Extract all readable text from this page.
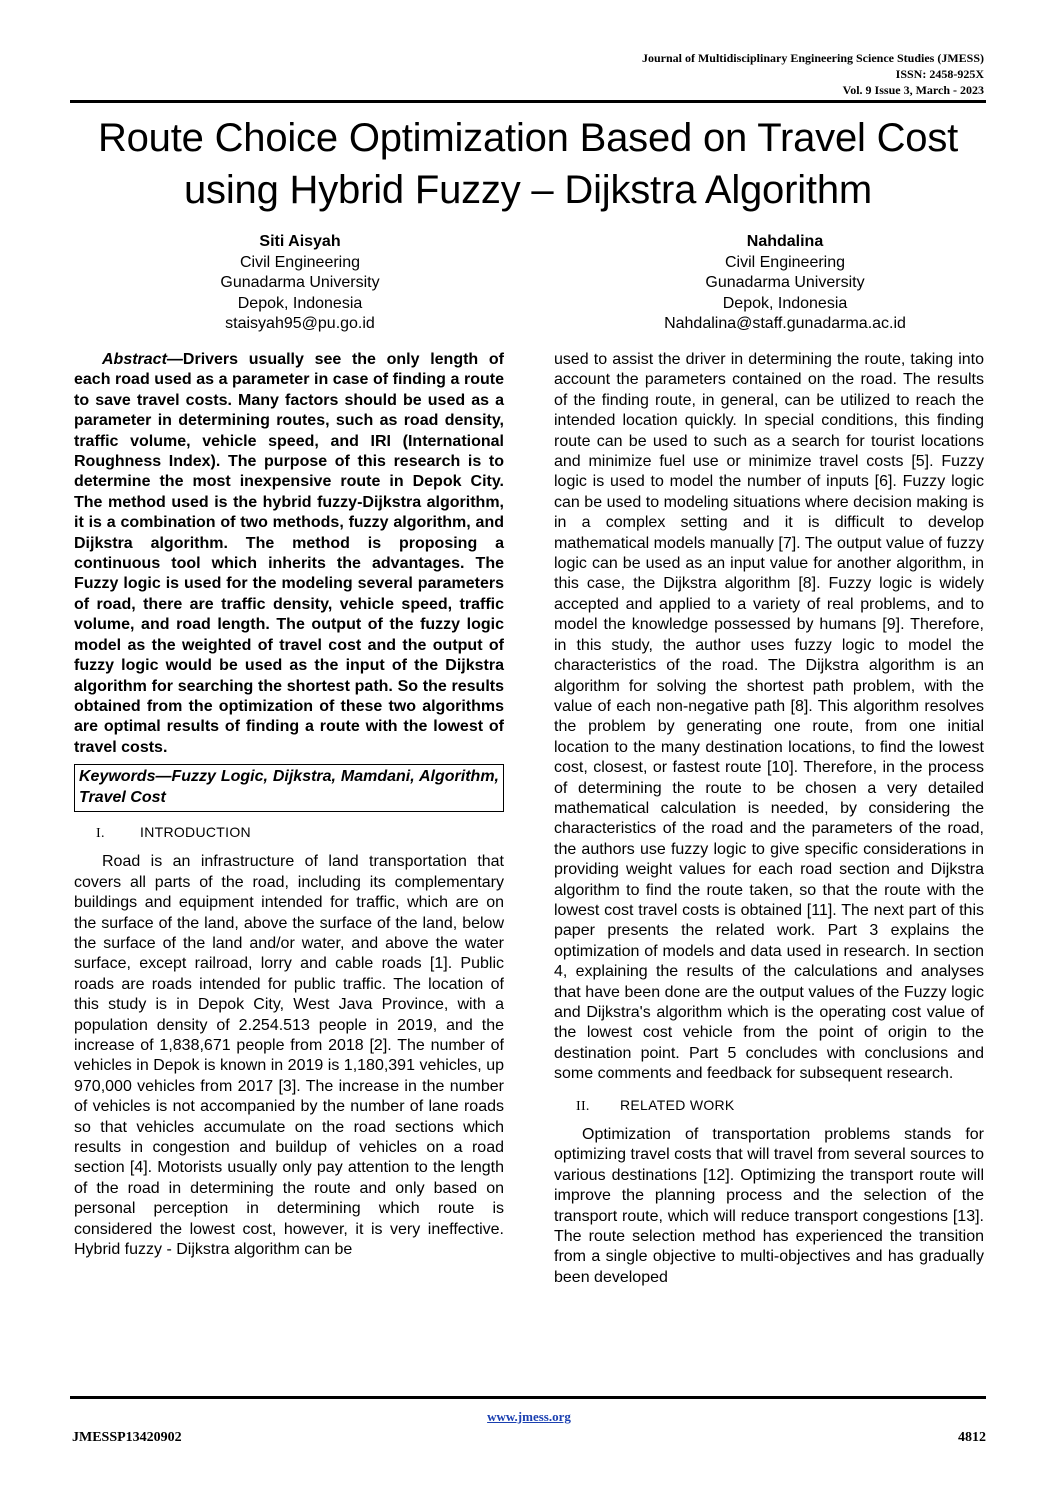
Journal of Multidisciplinary Engineering Science Studies (JMESS)
ISSN: 2458-925X
Vol. 9 Issue 3, March - 2023
Route Choice Optimization Based on Travel Cost using Hybrid Fuzzy – Dijkstra Algorithm
Siti Aisyah
Civil Engineering
Gunadarma University
Depok, Indonesia
staisyah95@pu.go.id
Nahdalina
Civil Engineering
Gunadarma University
Depok, Indonesia
Nahdalina@staff.gunadarma.ac.id

Abstract—Drivers usually see the only length of each road used as a parameter in case of finding a route to save travel costs. Many factors should be used as a parameter in determining routes, such as road density, traffic volume, vehicle speed, and IRI (International Roughness Index). The purpose of this research is to determine the most inexpensive route in Depok City. The method used is the hybrid fuzzy-Dijkstra algorithm, it is a combination of two methods, fuzzy algorithm, and Dijkstra algorithm. The method is proposing a continuous tool which inherits the advantages. The Fuzzy logic is used for the modeling several parameters of road, there are traffic density, vehicle speed, traffic volume, and road length. The output of the fuzzy logic model as the weighted of travel cost and the output of fuzzy logic would be used as the input of the Dijkstra algorithm for searching the shortest path. So the results obtained from the optimization of these two algorithms are optimal results of finding a route with the lowest of travel costs.

Keywords—Fuzzy Logic, Dijkstra, Mamdani, Algorithm, Travel Cost
I.	INTRODUCTION

Road is an infrastructure of land transportation that covers all parts of the road, including its complementary buildings and equipment intended for traffic, which are on the surface of the land, above the surface of the land, below the surface of the land and/or water, and above the water surface, except railroad, lorry and cable roads [1]. Public roads are roads intended for public traffic. The location of this study is in Depok City, West Java Province, with a population density of 2.254.513 people in 2019, and the increase of 1,838,671 people from 2018 [2]. The number of vehicles in Depok is known in 2019 is 1,180,391 vehicles, up 970,000 vehicles from 2017 [3]. The increase in the number of vehicles is not accompanied by the number of lane roads so that vehicles accumulate on the road sections which results in congestion and buildup of vehicles on a road section [4]. Motorists usually only pay attention to the length of the road in determining the route and only based on personal perception in determining which route is considered the lowest cost, however, it is very ineffective. Hybrid fuzzy - Dijkstra algorithm can be

used to assist the driver in determining the route, taking into account the parameters contained on the road. The results of the finding route, in general, can be utilized to reach the intended location quickly. In special conditions, this finding route can be used to such as a search for tourist locations and minimize fuel use or minimize travel costs [5]. Fuzzy logic is used to model the number of inputs [6]. Fuzzy logic can be used to modeling situations where decision making is in a complex setting and it is difficult to develop mathematical models manually [7]. The output value of fuzzy logic can be used as an input value for another algorithm, in this case, the Dijkstra algorithm [8]. Fuzzy logic is widely accepted and applied to a variety of real problems, and to model the knowledge possessed by humans [9]. Therefore, in this study, the author uses fuzzy logic to model the characteristics of the road. The Dijkstra algorithm is an algorithm for solving the shortest path problem, with the value of each non-negative path [8]. This algorithm resolves the problem by generating one route, from one initial location to the many destination locations, to find the lowest cost, closest, or fastest route [10]. Therefore, in the process of determining the route to be chosen a very detailed mathematical calculation is needed, by considering the characteristics of the road and the parameters of the road, the authors use fuzzy logic to give specific considerations in providing weight values for each road section and Dijkstra algorithm to find the route taken, so that the route with the lowest cost travel costs is obtained [11]. The next part of this paper presents the related work. Part 3 explains the optimization of models and data used in research. In section 4, explaining the results of the calculations and analyses that have been done are the output values of the Fuzzy logic and Dijkstra's algorithm which is the operating cost value of the lowest cost vehicle from the point of origin to the destination point. Part 5 concludes with conclusions and some comments and feedback for subsequent research.

II. RELATED WORK

Optimization of transportation problems stands for optimizing travel costs that will travel from several sources to various destinations [12]. Optimizing the transport route will improve the planning process and the selection of the transport route, which will reduce transport congestions [13]. The route selection method has experienced the transition from a single objective to multi-objectives and has gradually been developed

www.jmess.org
JMESSP13420902	4812
